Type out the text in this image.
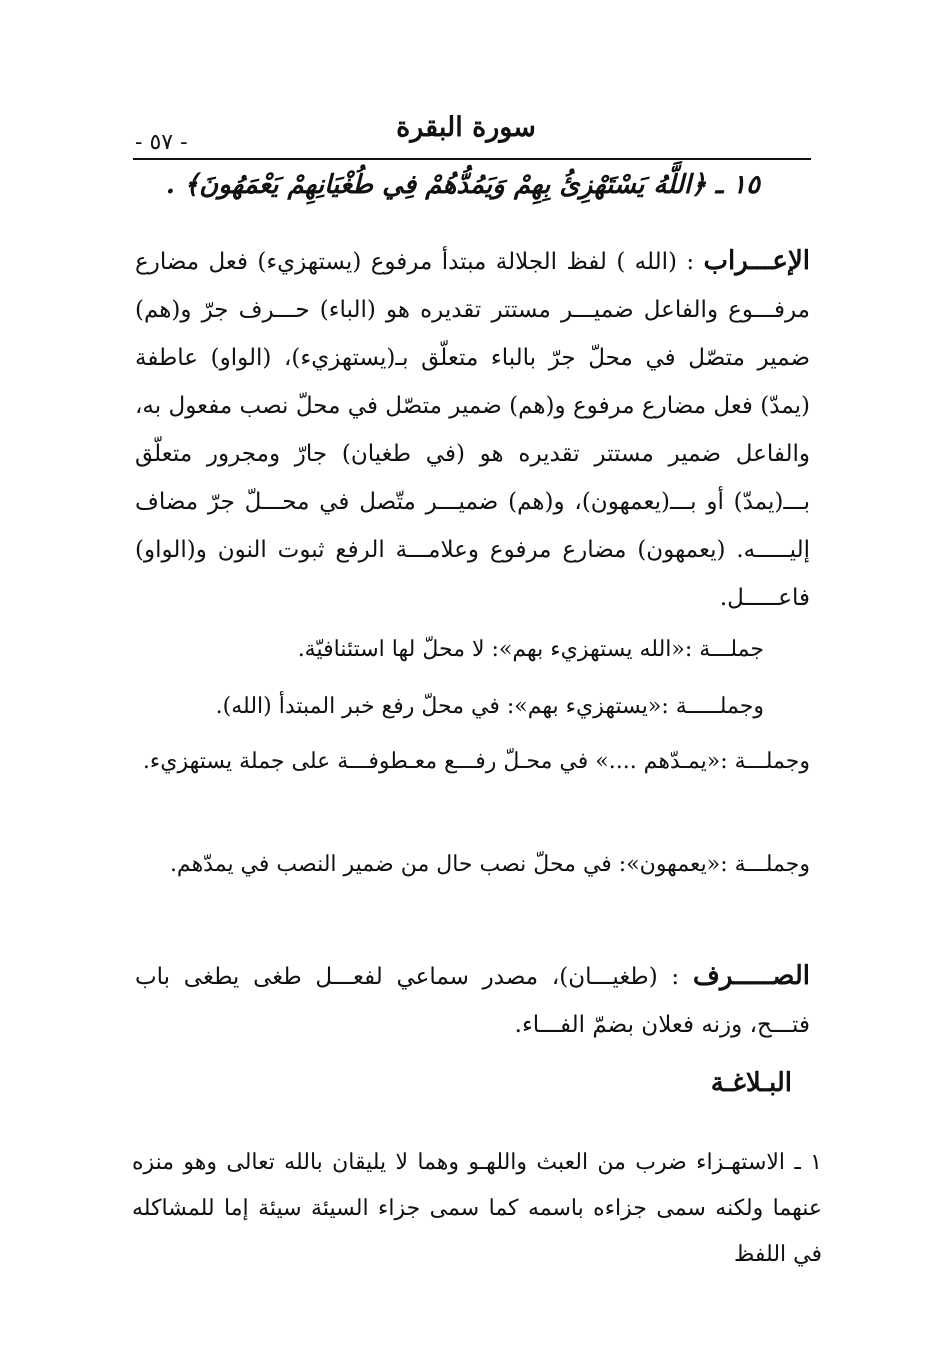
سورة البقرة
- ٥٧ -
١٥ ـ ﴿اللَّهُ يَسْتَهْزِئُ بِهِمْ وَيَمُدُّهُمْ فِي طُغْيَانِهِمْ يَعْمَهُونَ﴾ .
الإعـــراب : (الله ) لفظ الجلالة مبتدأ مرفوع (يستهزيء) فعل مضارع مرفـــوع والفاعل ضميـــر مستتر تقديره هو (الباء) حـــرف جرّ و(هم) ضمير متصّل في محلّ جرّ بالباء متعلّق بـ(يستهزيء)، (الواو) عاطفة (يمدّ) فعل مضارع مرفوع و(هم) ضمير متصّل في محلّ نصب مفعول به، والفاعل ضمير مستتر تقديره هو (في طغيان) جارّ ومجرور متعلّق بـــ(يمدّ) أو بـــ(يعمهون)، و(هم) ضميـــر متّصل في محـــلّ جرّ مضاف إليـــــه. (يعمهون) مضارع مرفوع وعلامـــة الرفع ثبوت النون و(الواو) فاعـــــل.
جملـــة :«الله يستهزيء بهم»: لا محلّ لها استئنافيّة.
وجملـــــة :«يستهزيء بهم»: في محلّ رفع خبر المبتدأ (الله).
وجملـــة :«يمـدّهم ....» في محـلّ رفـــع معـطوفـــة على جملة يستهزيء.
وجملـــة :«يعمهون»: في محلّ نصب حال من ضمير النصب في يمدّهم.
الصـــــرف : (طغيـــان)، مصدر سماعي لفعـــل طغى يطغى باب فتـــح، وزنه فعلان بضمّ الفـــاء.
البـلاغـة
١ ـ الاستهـزاء ضرب من العبث واللهـو وهما لا يليقان بالله تعالى وهو منزه عنهما ولكنه سمى جزاءه باسمه كما سمى جزاء السيئة سيئة إما للمشاكله في اللفظ
